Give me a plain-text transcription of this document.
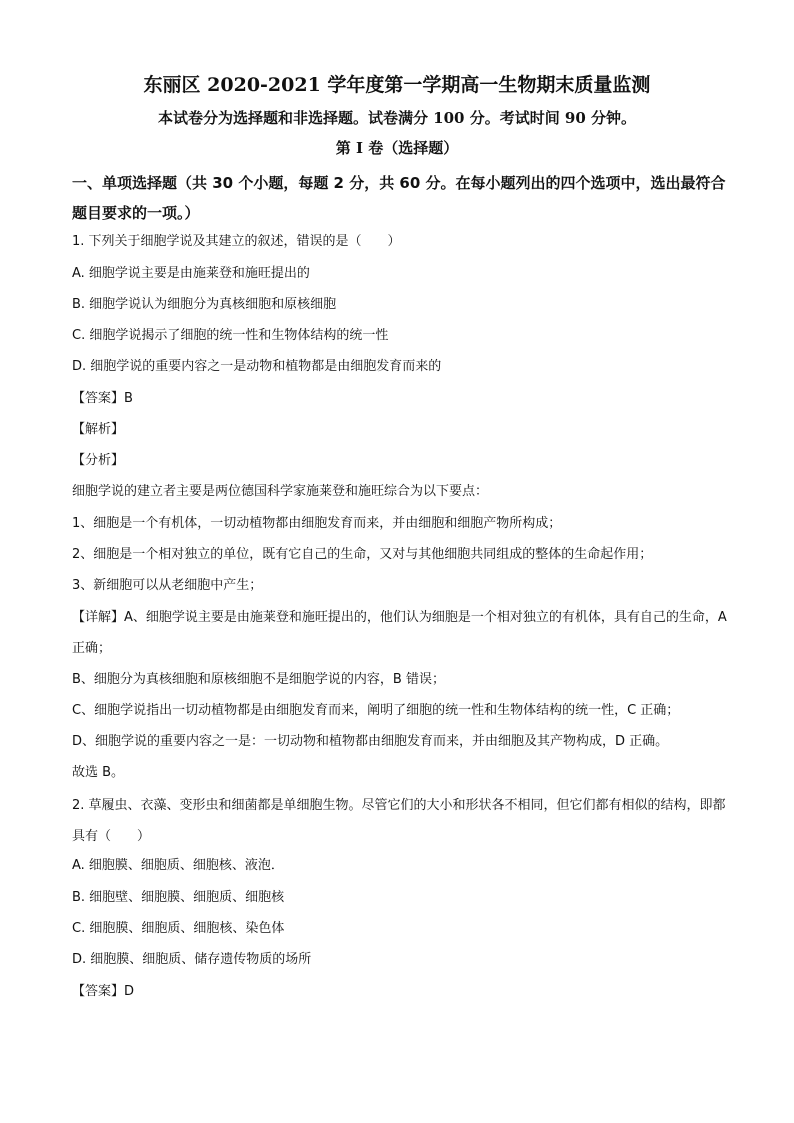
东丽区 2020-2021 学年度第一学期高一生物期末质量监测
本试卷分为选择题和非选择题。试卷满分 100 分。考试时间 90 分钟。
第 I 卷（选择题）
一、单项选择题（共 30 个小题，每题 2 分，共 60 分。在每小题列出的四个选项中，选出最符合题目要求的一项。）
1. 下列关于细胞学说及其建立的叙述，错误的是（　　）
A. 细胞学说主要是由施莱登和施旺提出的
B. 细胞学说认为细胞分为真核细胞和原核细胞
C. 细胞学说揭示了细胞的统一性和生物体结构的统一性
D. 细胞学说的重要内容之一是动物和植物都是由细胞发育而来的
【答案】B
【解析】
【分析】
细胞学说的建立者主要是两位德国科学家施莱登和施旺综合为以下要点：
1、细胞是一个有机体，一切动植物都由细胞发育而来，并由细胞和细胞产物所构成；
2、细胞是一个相对独立的单位，既有它自己的生命，又对与其他细胞共同组成的整体的生命起作用；
3、新细胞可以从老细胞中产生；
【详解】A、细胞学说主要是由施莱登和施旺提出的，他们认为细胞是一个相对独立的有机体，具有自己的生命，A 正确；
B、细胞分为真核细胞和原核细胞不是细胞学说的内容，B 错误；
C、细胞学说指出一切动植物都是由细胞发育而来，阐明了细胞的统一性和生物体结构的统一性，C 正确；
D、细胞学说的重要内容之一是：一切动物和植物都由细胞发育而来，并由细胞及其产物构成，D 正确。
故选 B。
2. 草履虫、衣藻、变形虫和细菌都是单细胞生物。尽管它们的大小和形状各不相同，但它们都有相似的结构，即都具有（　　）
A. 细胞膜、细胞质、细胞核、液泡．
B. 细胞壁、细胞膜、细胞质、细胞核
C. 细胞膜、细胞质、细胞核、染色体
D. 细胞膜、细胞质、储存遗传物质的场所
【答案】D
